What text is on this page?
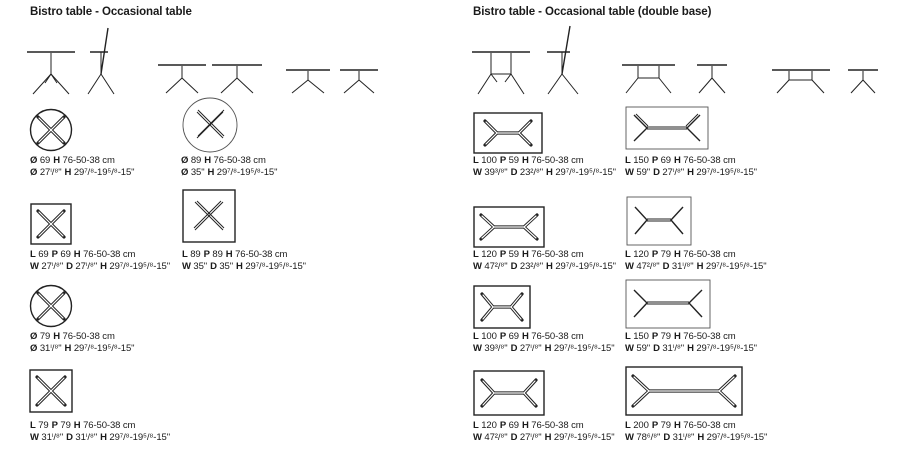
Bistro table - Occasional table	Bistro table - Occasional table (double base)
Ø 69 H 76-50-38 cm
Ø 27ⁱ/⁸" H 29⁷/⁸-19⁵/⁸-15"
Ø 89 H 76-50-38 cm
Ø 35" H 29⁷/⁸-19⁵/⁸-15"
L 69 P 69 H 76-50-38 cm
W 27ⁱ/⁸" D 27ⁱ/⁸" H 29⁷/⁸-19⁵/⁸-15"
L 89 P 89 H 76-50-38 cm
W 35" D 35" H 29⁷/⁸-19⁵/⁸-15"
Ø 79 H 76-50-38 cm
Ø 31ⁱ/⁸" H 29⁷/⁸-19⁵/⁸-15"
L 79 P 79 H 76-50-38 cm
W 31ⁱ/⁸" D 31ⁱ/⁸" H 29⁷/⁸-19⁵/⁸-15"
L 100 P 59 H 76-50-38 cm
W 39³/⁸" D 23²/⁸" H 29⁷/⁸-19⁵/⁸-15"
L 150 P 69 H 76-50-38 cm
W 59" D 27ⁱ/⁸" H 29⁷/⁸-19⁵/⁸-15"
L 120 P 59 H 76-50-38 cm
W 47²/⁸" D 23²/⁸" H 29⁷/⁸-19⁵/⁸-15"
L 120 P 79 H 76-50-38 cm
W 47²/⁸" D 31ⁱ/⁸" H 29⁷/⁸-19⁵/⁸-15"
L 100 P 69 H 76-50-38 cm
W 39³/⁸" D 27ⁱ/⁸" H 29⁷/⁸-19⁵/⁸-15"
L 150 P 79 H 76-50-38 cm
W 59" D 31ⁱ/⁸" H 29⁷/⁸-19⁵/⁸-15"
L 120 P 69 H 76-50-38 cm
W 47²/⁸" D 27ⁱ/⁸" H 29⁷/⁸-19⁵/⁸-15"
L 200 P 79 H 76-50-38 cm
W 78⁶/⁸" D 31ⁱ/⁸" H 29⁷/⁸-19⁵/⁸-15"
